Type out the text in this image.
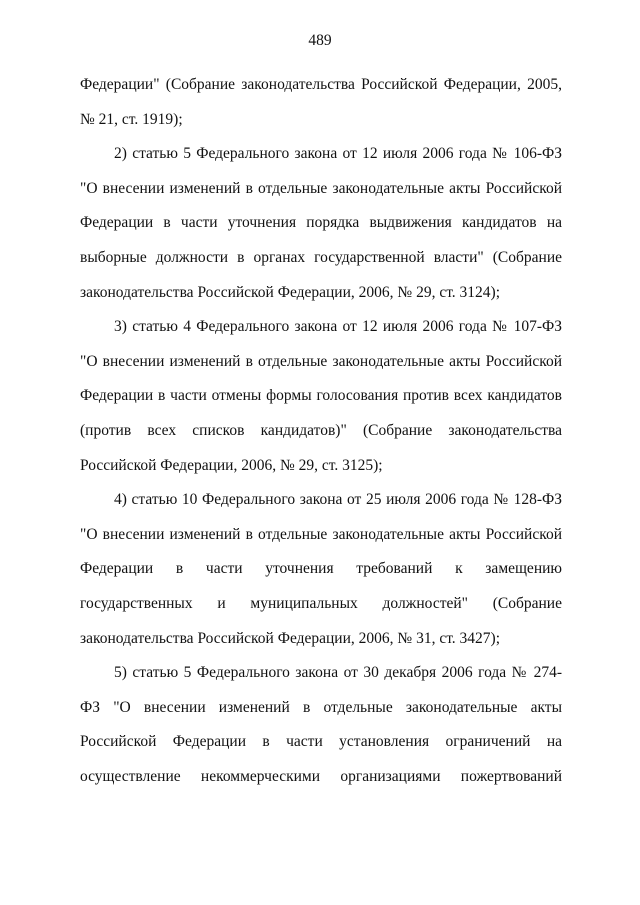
489

Федерации" (Собрание законодательства Российской Федерации, 2005, № 21, ст. 1919);

2) статью 5 Федерального закона от 12 июля 2006 года № 106-ФЗ "О внесении изменений в отдельные законодательные акты Российской Федерации в части уточнения порядка выдвижения кандидатов на выборные должности в органах государственной власти" (Собрание законодательства Российской Федерации, 2006, № 29, ст. 3124);

3) статью 4 Федерального закона от 12 июля 2006 года № 107-ФЗ "О внесении изменений в отдельные законодательные акты Российской Федерации в части отмены формы голосования против всех кандидатов (против всех списков кандидатов)" (Собрание законодательства Российской Федерации, 2006, № 29, ст. 3125);

4) статью 10 Федерального закона от 25 июля 2006 года № 128-ФЗ "О внесении изменений в отдельные законодательные акты Российской Федерации в части уточнения требований к замещению государственных и муниципальных должностей" (Собрание законодательства Российской Федерации, 2006, № 31, ст. 3427);

5) статью 5 Федерального закона от 30 декабря 2006 года № 274-ФЗ "О внесении изменений в отдельные законодательные акты Российской Федерации в части установления ограничений на осуществление некоммерческими организациями пожертвований
